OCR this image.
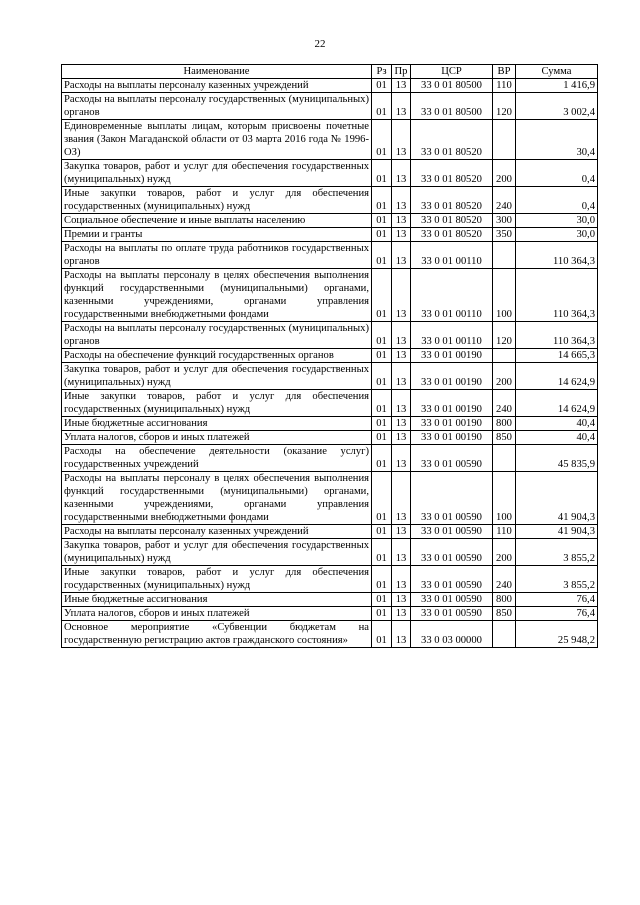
22
Наименование	Рз	Пр	ЦСР	ВР	Сумма
Расходы на выплаты персоналу казенных учреждений	01	13	33 0 01 80500	110	1 416,9
Расходы на выплаты персоналу государственных (муниципальных) органов	01	13	33 0 01 80500	120	3 002,4
Единовременные выплаты лицам, которым присвоены почетные звания (Закон Магаданской области от 03 марта 2016 года № 1996-ОЗ)	01	13	33 0 01 80520		30,4
Закупка товаров, работ и услуг для обеспечения государственных (муниципальных) нужд	01	13	33 0 01 80520	200	0,4
Иные закупки товаров, работ и услуг для обеспечения государственных (муниципальных) нужд	01	13	33 0 01 80520	240	0,4
Социальное обеспечение и иные выплаты населению	01	13	33 0 01 80520	300	30,0
Премии и гранты	01	13	33 0 01 80520	350	30,0
Расходы на выплаты по оплате труда работников государственных органов	01	13	33 0 01 00110		110 364,3
Расходы на выплаты персоналу в целях обеспечения выполнения функций государственными (муниципальными) органами, казенными учреждениями, органами управления государственными внебюджетными фондами	01	13	33 0 01 00110	100	110 364,3
Расходы на выплаты персоналу государственных (муниципальных) органов	01	13	33 0 01 00110	120	110 364,3
Расходы на обеспечение функций государственных органов	01	13	33 0 01 00190		14 665,3
Закупка товаров, работ и услуг для обеспечения государственных (муниципальных) нужд	01	13	33 0 01 00190	200	14 624,9
Иные закупки товаров, работ и услуг для обеспечения государственных (муниципальных) нужд	01	13	33 0 01 00190	240	14 624,9
Иные бюджетные ассигнования	01	13	33 0 01 00190	800	40,4
Уплата налогов, сборов и иных платежей	01	13	33 0 01 00190	850	40,4
Расходы на обеспечение деятельности (оказание услуг) государственных учреждений	01	13	33 0 01 00590		45 835,9
Расходы на выплаты персоналу в целях обеспечения выполнения функций государственными (муниципальными) органами, казенными учреждениями, органами управления государственными внебюджетными фондами	01	13	33 0 01 00590	100	41 904,3
Расходы на выплаты персоналу казенных учреждений	01	13	33 0 01 00590	110	41 904,3
Закупка товаров, работ и услуг для обеспечения государственных (муниципальных) нужд	01	13	33 0 01 00590	200	3 855,2
Иные закупки товаров, работ и услуг для обеспечения государственных (муниципальных) нужд	01	13	33 0 01 00590	240	3 855,2
Иные бюджетные ассигнования	01	13	33 0 01 00590	800	76,4
Уплата налогов, сборов и иных платежей	01	13	33 0 01 00590	850	76,4
Основное мероприятие «Субвенции бюджетам на государственную регистрацию актов гражданского состояния»	01	13	33 0 03 00000		25 948,2
